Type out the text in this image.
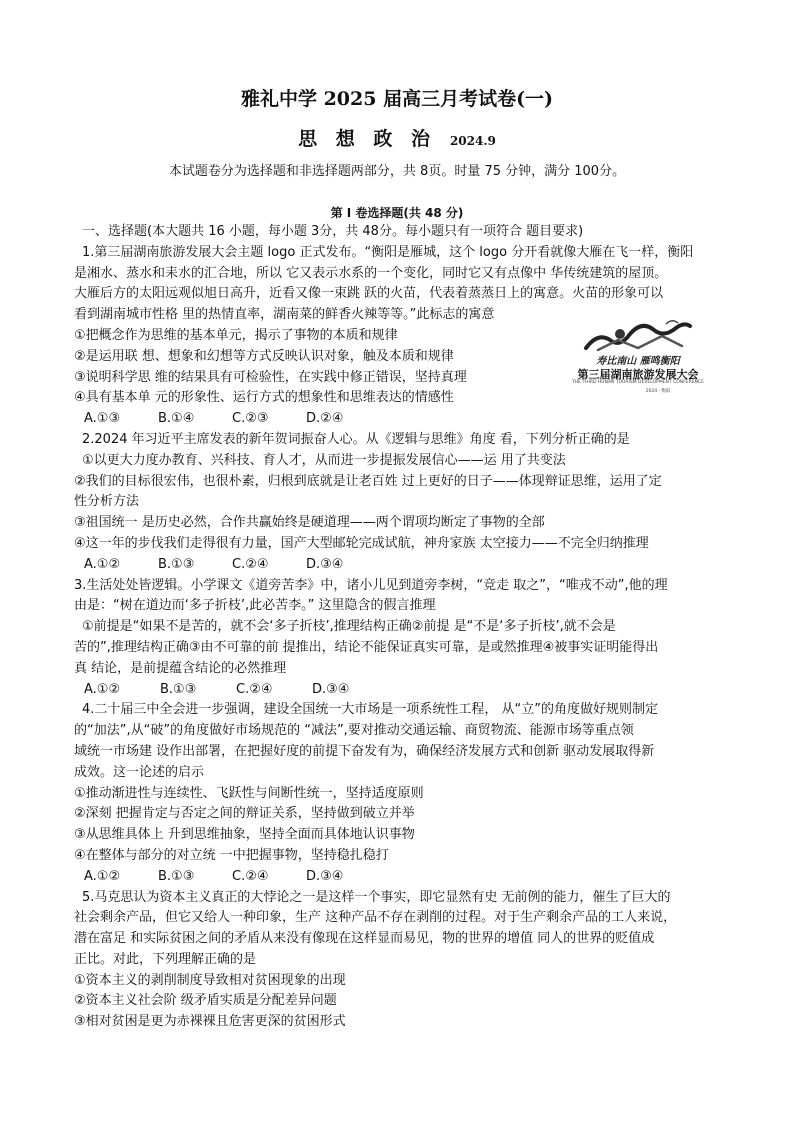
雅礼中学 2025 届高三月考试卷(一)
思 想 政 治 2024.9
本试题卷分为选择题和非选择题两部分，共 8页。时量 75 分钟，满分 100分。
第 I 卷选择题(共 48 分)

一、选择题(本大题共 16 小题，每小题 3分，共 48分。每小题只有一项符合 题目要求)

1.第三届湖南旅游发展大会主题 logo 正式发布。“衡阳是雁城，这个 logo 分开看就像大雁在飞一样，衡阳

是湘水、蒸水和耒水的汇合地，所以 它又表示水系的一个变化，同时它又有点像中 华传统建筑的屋顶。

大雁后方的太阳远观似旭日高升，近看又像一束跳 跃的火苗，代表着蒸蒸日上的寓意。火苗的形象可以

看到湖南城市性格 里的热情直率，湖南菜的鲜香火辣等等。”此标志的寓意

①把概念作为思维的基本单元，揭示了事物的本质和规律

②是运用联 想、想象和幻想等方式反映认识对象，触及本质和规律

③说明科学思 维的结果具有可检验性，在实践中修正错误，坚持真理

④具有基本单 元的形象性、运行方式的想象性和思维表达的情感性

A.①③	B.①④	C.②③	D.②④

2.2024 年习近平主席发表的新年贺词振奋人心。从《逻辑与思维》角度 看，下列分析正确的是

①以更大力度办教育、兴科技、育人才，从而进一步提振发展信心——运 用了共变法

②我们的目标很宏伟，也很朴素，归根到底就是让老百姓 过上更好的日子——体现辩证思维，运用了定

性分析方法

③祖国统一 是历史必然，合作共赢始终是硬道理——两个谓项均断定了事物的全部

④这一年的步伐我们走得很有力量，国产大型邮轮完成试航，神舟家族 太空接力——不完全归纳推理

A.①②	B.①③	C.②④	D.③④

3.生活处处皆逻辑。小学课文《道旁苦李》中，诸小儿见到道旁李树，“竞走 取之”，“唯戎不动”,他的理

由是：“树在道边而‘多子折枝’,此必苦李。” 这里隐含的假言推理

①前提是“如果不是苦的，就不会‘多子折枝’,推理结构正确②前提 是“不是‘多子折枝’,就不会是

苦的”,推理结构正确③由不可靠的前 提推出，结论不能保证真实可靠，是或然推理④被事实证明能得出

真 结论，是前提蕴含结论的必然推理

A.①②	B.①③	C.②④	D.③④

4.二十届三中全会进一步强调，建设全国统一大市场是一项系统性工程， 从“立”的角度做好规则制定

的“加法”,从“破”的角度做好市场规范的 “减法”,要对推动交通运输、商贸物流、能源市场等重点领

域统一市场建 设作出部署，在把握好度的前提下奋发有为，确保经济发展方式和创新 驱动发展取得新

成效。这一论述的启示

①推动渐进性与连续性、飞跃性与间断性统一，坚持适度原则

②深刻 把握肯定与否定之间的辩证关系，坚持做到破立并举

③从思维具体上 升到思维抽象，坚持全面而具体地认识事物

④在整体与部分的对立统 一中把握事物，坚持稳扎稳打

A.①②	B.①③	C.②④	D.③④

5.马克思认为资本主义真正的大悖论之一是这样一个事实，即它显然有史 无前例的能力，催生了巨大的

社会剩余产品，但它又给人一种印象，生产 这种产品不存在剥削的过程。对于生产剩余产品的工人来说，

潜在富足 和实际贫困之间的矛盾从来没有像现在这样显而易见，物的世界的增值 同人的世界的贬值成

正比。对此，下列理解正确的是

①资本主义的剥削制度导致相对贫困现象的出现

②资本主义社会阶 级矛盾实质是分配差异问题

③相对贫困是更为赤裸裸且危害更深的贫困形式

寿比南山 雁鸣衡阳
第三届湖南旅游发展大会
THE THIRD HUNAN TOURISM DEVELOPMENT CONFERENCE
2024 · 衡阳
